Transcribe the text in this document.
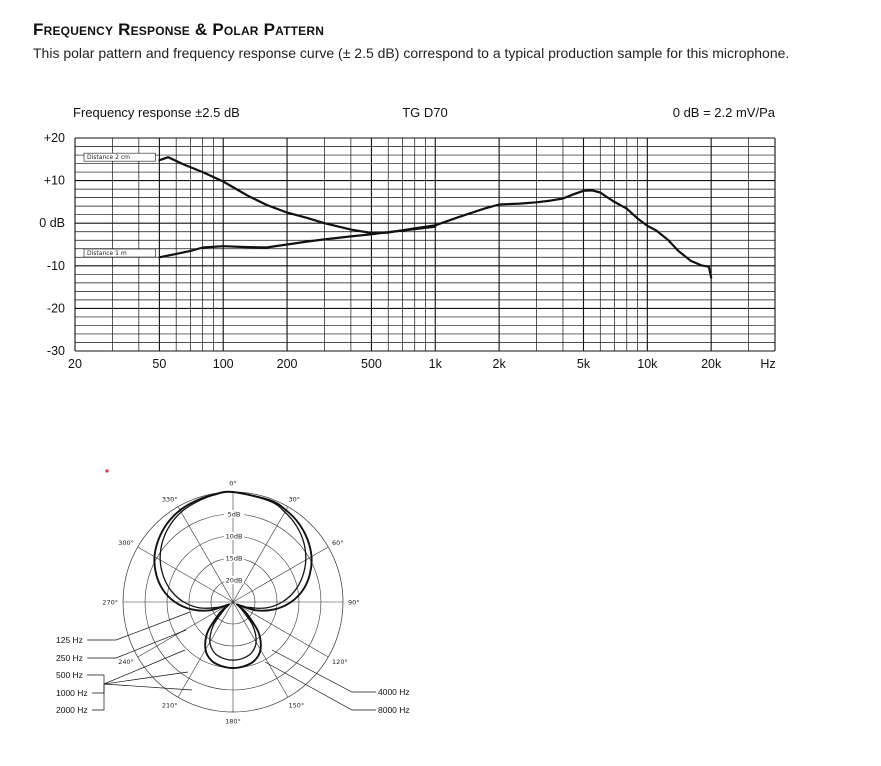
Frequency Response & Polar Pattern
This polar pattern and frequency response curve (± 2.5 dB) correspond to a typical production sample for this microphone.
Distance 2 cm
Distance 1 m
Frequency response ±2.5 dB	TG D70	0 dB = 2.2 mV/Pa
+20
+10
0 dB
-10
-20
-30
20	50	100	200	500	1k	2k	5k	10k	20k	Hz
5dB
10dB
15dB
20dB
0°
30°
60°
90°
120°
150°
180°
210°
240°
270°
300°
330°
125 Hz
250 Hz
500 Hz
1000 Hz
2000 Hz
4000 Hz
8000 Hz
